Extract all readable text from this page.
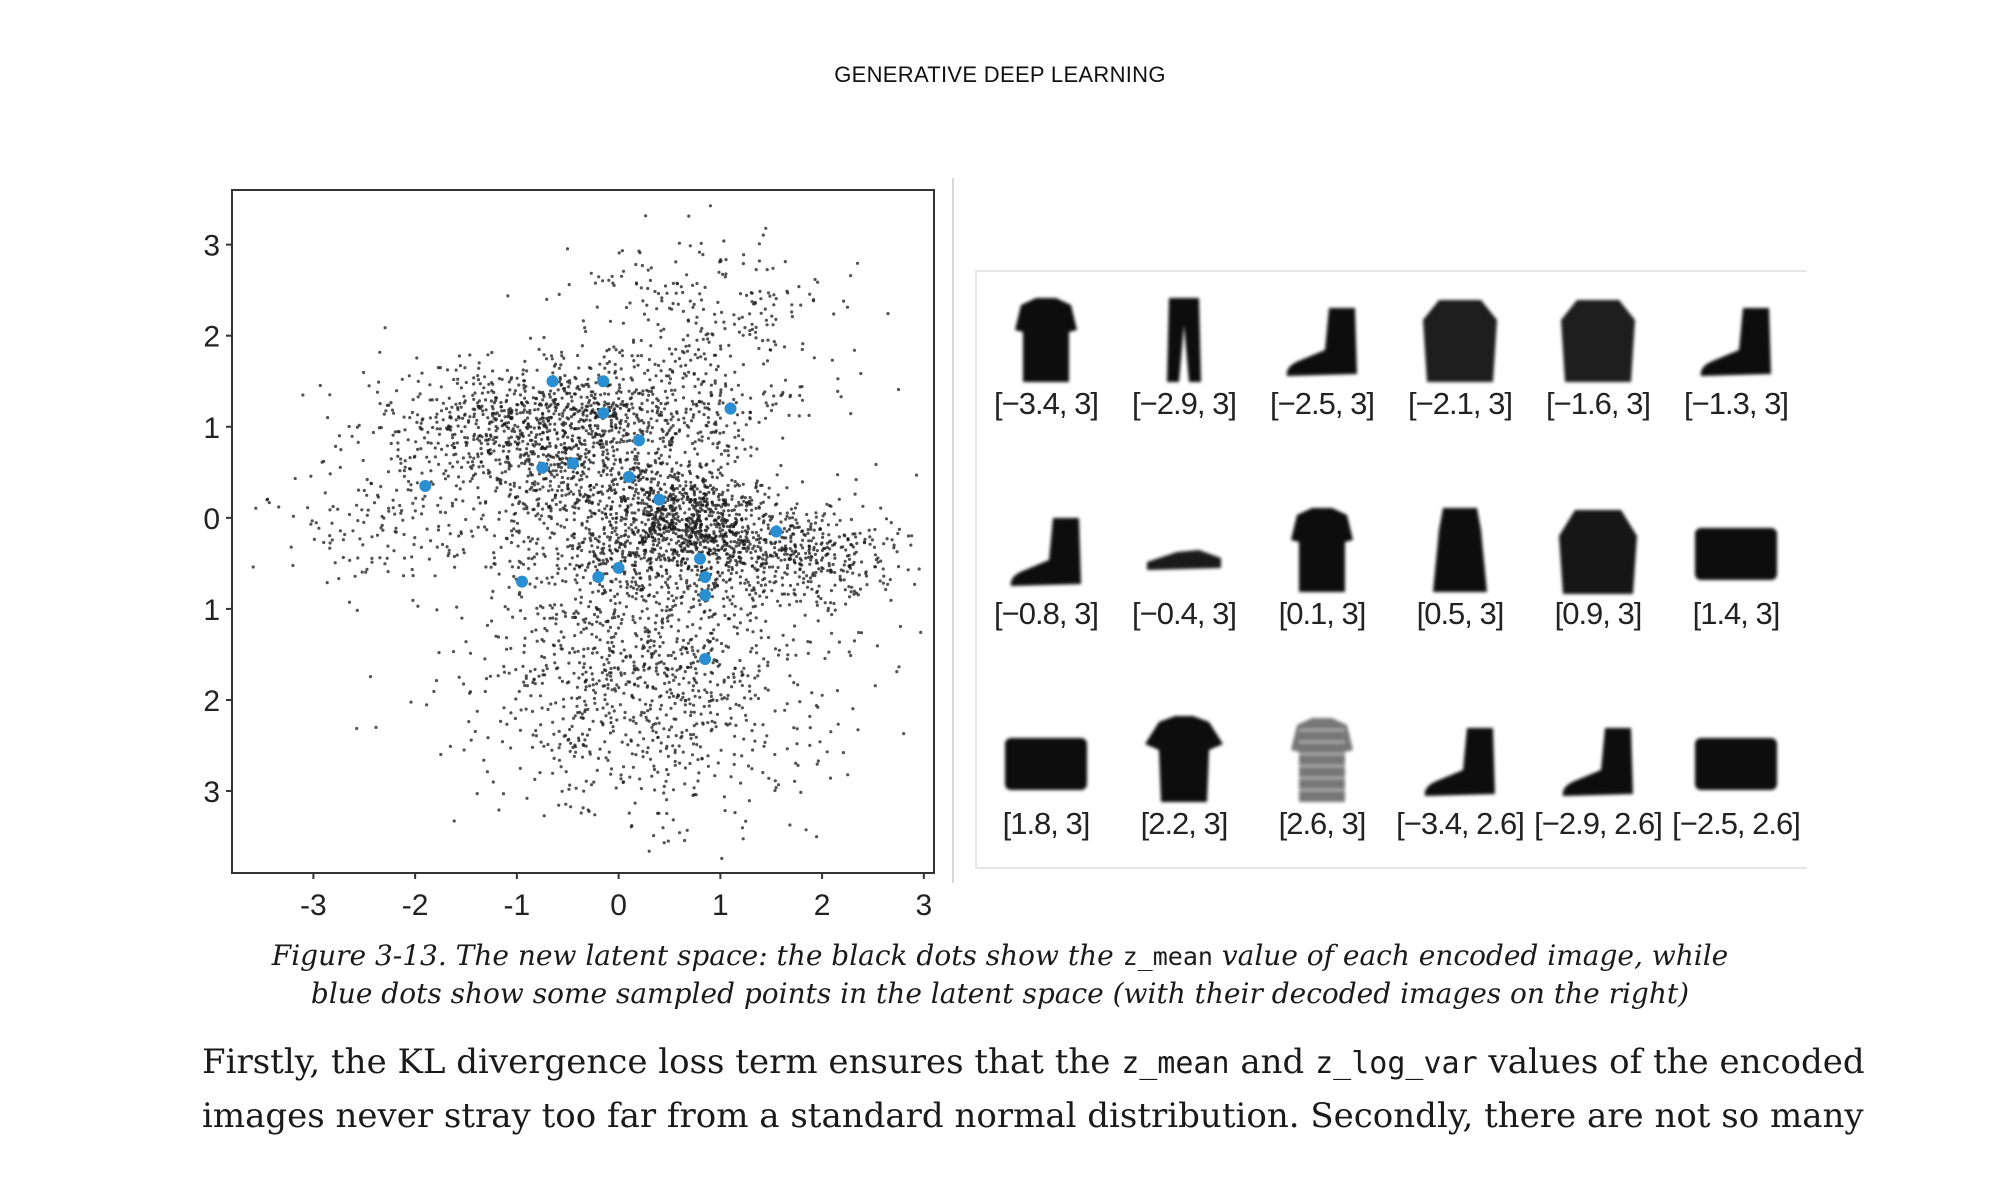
GENERATIVE DEEP LEARNING
-3	-2	-1	0	1	2	3
3
2
1
0
1
2
3
[−3.4, 3]	[−2.9, 3]	[−2.5, 3]	[−2.1, 3]	[−1.6, 3]	[−1.3, 3]
[−0.8, 3]	[−0.4, 3]	[0.1, 3]	[0.5, 3]	[0.9, 3]	[1.4, 3]
[1.8, 3]	[2.2, 3]	[2.6, 3] [−3.4, 2.6] [−2.9, 2.6] [−2.5, 2.6]
Figure 3-13. The new latent space: the black dots show the z_mean value of each encoded image, while
blue dots show some sampled points in the latent space (with their decoded images on the right)
Firstly, the KL divergence loss term ensures that the z_mean and z_log_var values of the encoded
images never stray too far from a standard normal distribution. Secondly, there are not so many
